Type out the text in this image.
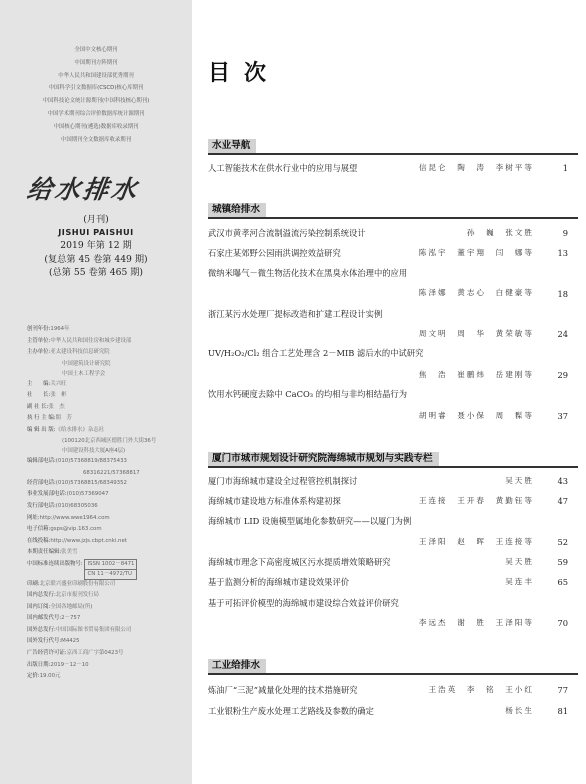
全国中文核心期刊
中国期刊方阵期刊
中华人民共和国建设部优秀期刊
中国科学引文数据库(CSCD)核心库期刊
中国科技论文统计源期刊(中国科技核心期刊)
中国学术期刊综合评价数据库统计源期刊
中国核心期刊(遴选)数据库收录期刊
中国期刊全文数据库收录期刊
给水排水
(月刊)
JISHUI PAISHUI
2019 年第 12 期
(复总第 45 卷第 449 期)
(总第 55 卷第 465 期)
创刊年份:1964年
主管单位:中华人民共和国住房和城乡建设部
主办单位:亚太建设科技信息研究院
中国建筑设计研究院
中国土木工程学会
主　　编:关兴旺
社　　长:张　彬
副 社 长:张　杰
执 行 主 编:閤　芳
编 辑 出 版:《给水排水》杂志社
(100120北京西城区德胜门外大街36号
中国建设科技大厦A座4层)
编辑部电话:(010)57368819/88375433
68316221/57368817
经营部电话:(010)57368815/68349352
事业发展部电话:(010)57369047
发行部电话:(010)68305036
网址:http://www.wwe1964.com
电子信箱:gsps@vip.163.com
在线投稿:http://www.jzjs.cbpt.cnki.net
本期责任编辑:张美雪
中国标准连续出版物号: ISSN 1002－8471
CN 11－4972/TU
印刷:北京联兴盛业印刷股份有限公司
国内总发行:北京市报刊发行局
国内订阅:全国各地邮局(所)
国内邮发代号:2－757
国外总发行:中国国际图书贸易集团有限公司
国外发行代号:M4425
广告经营许可证:京西工商广字第0423号
出版日期:2019－12－10
定价:19.00元
目次
水业导航
人工智能技术在供水行业中的应用与展望	信昆仑　陶　涛　李树平等	1
城镇给排水
武汉市黄孝河合流制溢流污染控制系统设计	孙　巍　张文胜	9
石家庄某郊野公园雨洪调控效益研究	陈泓宇　董宇翔　闫　娜等	13
微纳米曝气－微生物活化技术在黑臭水体治理中的应用
陈泽娜　黄志心　白健豪等	18
浙江某污水处理厂提标改造和扩建工程设计实例
周文明　周　华　黄荣敏等	24
UV/H₂O₂/Cl₂ 组合工艺处理含 2－MIB 滤后水的中试研究
焦　浩　崔鹏炜　岳建刚等	29
饮用水钙硬度去除中 CaCO₃ 的均相与非均相结晶行为
胡明睿　聂小保　周　髹等	37
厦门市城市规划设计研究院海绵城市规划与实践专栏
厦门市海绵城市建设全过程管控机制探讨	吴天胜	43
海绵城市建设地方标准体系构建初探	王连接　王开春　黄勤钰等	47
海绵城市 LID 设施模型属地化参数研究——以厦门为例
王泽阳　赵　晖　王连接等	52
海绵城市理念下高密度城区污水提质增效策略研究	吴天胜	59
基于监测分析的海绵城市建设效果评价	吴连丰	65
基于可拓评价模型的海绵城市建设综合效益评价研究
李远杰　谢　胜　王泽阳等	70
工业给排水
炼油厂“三泥”减量化处理的技术措施研究	王浩英　李　铭　王小红	77
工业银粉生产废水处理工艺路线及参数的确定	杨长生	81
